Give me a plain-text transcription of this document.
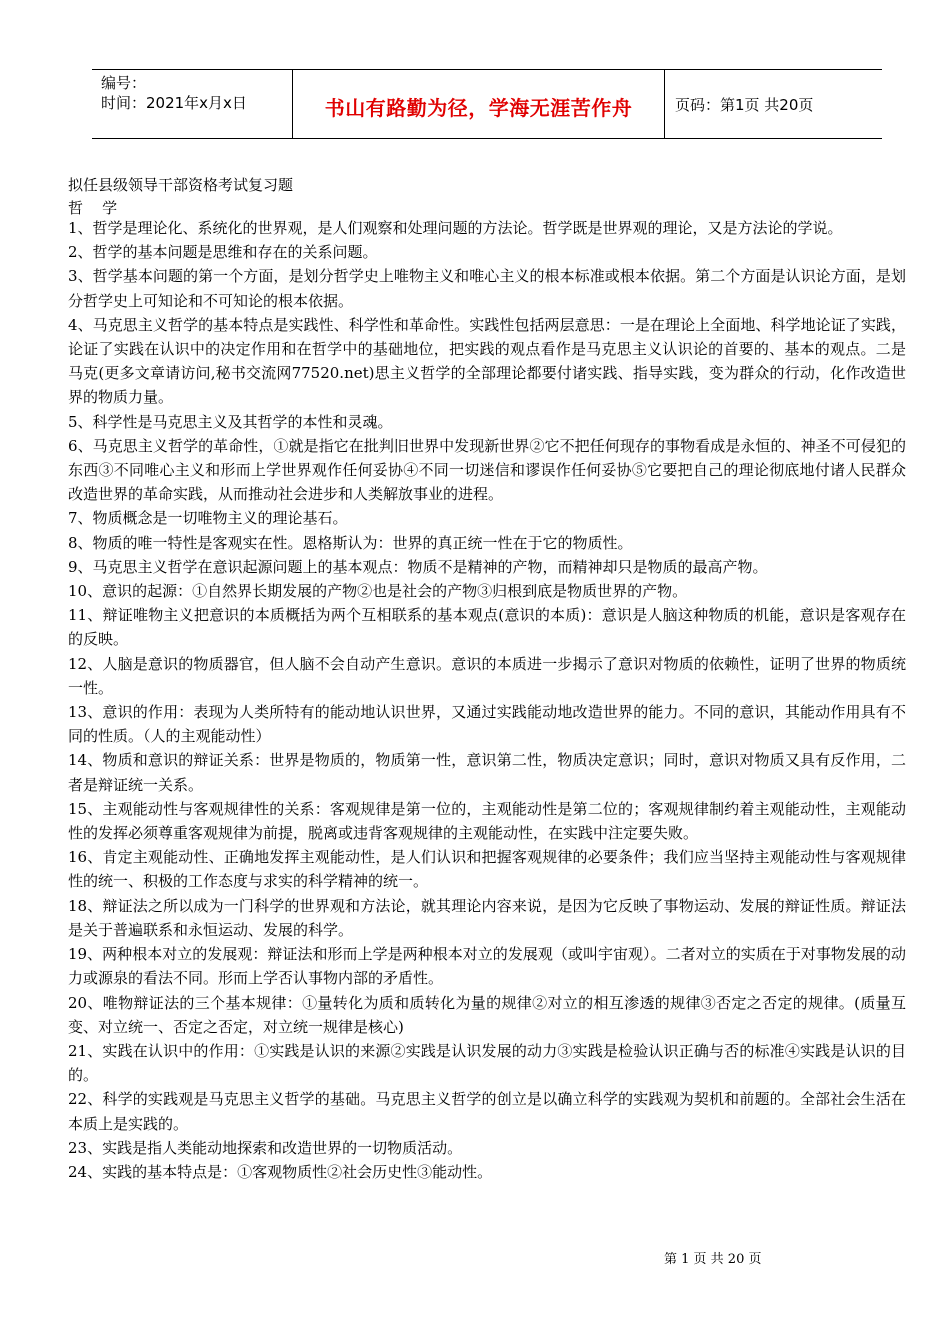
编号：
时间：2021年x月x日	书山有路勤为径，学海无涯苦作舟	页码：第1页 共20页
拟任县级领导干部资格考试复习题
哲    学

1、哲学是理论化、系统化的世界观，是人们观察和处理问题的方法论。哲学既是世界观的理论，又是方法论的学说。

2、哲学的基本问题是思维和存在的关系问题。

3、哲学基本问题的第一个方面，是划分哲学史上唯物主义和唯心主义的根本标准或根本依据。第二个方面是认识论方面，是划分哲学史上可知论和不可知论的根本依据。

4、马克思主义哲学的基本特点是实践性、科学性和革命性。实践性包括两层意思：一是在理论上全面地、科学地论证了实践，论证了实践在认识中的决定作用和在哲学中的基础地位，把实践的观点看作是马克思主义认识论的首要的、基本的观点。二是马克(更多文章请访问,秘书交流网77520.net)思主义哲学的全部理论都要付诸实践、指导实践，变为群众的行动，化作改造世界的物质力量。

5、科学性是马克思主义及其哲学的本性和灵魂。

6、马克思主义哲学的革命性，①就是指它在批判旧世界中发现新世界②它不把任何现存的事物看成是永恒的、神圣不可侵犯的东西③不同唯心主义和形而上学世界观作任何妥协④不同一切迷信和谬误作任何妥协⑤它要把自己的理论彻底地付诸人民群众改造世界的革命实践，从而推动社会进步和人类解放事业的进程。

7、物质概念是一切唯物主义的理论基石。

8、物质的唯一特性是客观实在性。恩格斯认为：世界的真正统一性在于它的物质性。

9、马克思主义哲学在意识起源问题上的基本观点：物质不是精神的产物，而精神却只是物质的最高产物。

10、意识的起源：①自然界长期发展的产物②也是社会的产物③归根到底是物质世界的产物。

11、辩证唯物主义把意识的本质概括为两个互相联系的基本观点(意识的本质)：意识是人脑这种物质的机能，意识是客观存在的反映。

12、人脑是意识的物质器官，但人脑不会自动产生意识。意识的本质进一步揭示了意识对物质的依赖性，证明了世界的物质统一性。

13、意识的作用：表现为人类所特有的能动地认识世界，又通过实践能动地改造世界的能力。不同的意识，其能动作用具有不同的性质。（人的主观能动性）

14、物质和意识的辩证关系：世界是物质的，物质第一性，意识第二性，物质决定意识；同时，意识对物质又具有反作用，二者是辩证统一关系。

15、主观能动性与客观规律性的关系：客观规律是第一位的，主观能动性是第二位的；客观规律制约着主观能动性，主观能动性的发挥必须尊重客观规律为前提，脱离或违背客观规律的主观能动性，在实践中注定要失败。

16、肯定主观能动性、正确地发挥主观能动性，是人们认识和把握客观规律的必要条件；我们应当坚持主观能动性与客观规律性的统一、积极的工作态度与求实的科学精神的统一。

18、辩证法之所以成为一门科学的世界观和方法论，就其理论内容来说，是因为它反映了事物运动、发展的辩证性质。辩证法是关于普遍联系和永恒运动、发展的科学。

19、两种根本对立的发展观：辩证法和形而上学是两种根本对立的发展观（或叫宇宙观）。二者对立的实质在于对事物发展的动力或源泉的看法不同。形而上学否认事物内部的矛盾性。

20、唯物辩证法的三个基本规律：①量转化为质和质转化为量的规律②对立的相互渗透的规律③否定之否定的规律。(质量互变、对立统一、否定之否定，对立统一规律是核心)

21、实践在认识中的作用：①实践是认识的来源②实践是认识发展的动力③实践是检验认识正确与否的标准④实践是认识的目的。

22、科学的实践观是马克思主义哲学的基础。马克思主义哲学的创立是以确立科学的实践观为契机和前题的。全部社会生活在本质上是实践的。

23、实践是指人类能动地探索和改造世界的一切物质活动。

24、实践的基本特点是：①客观物质性②社会历史性③能动性。

第 1 页 共 20 页
